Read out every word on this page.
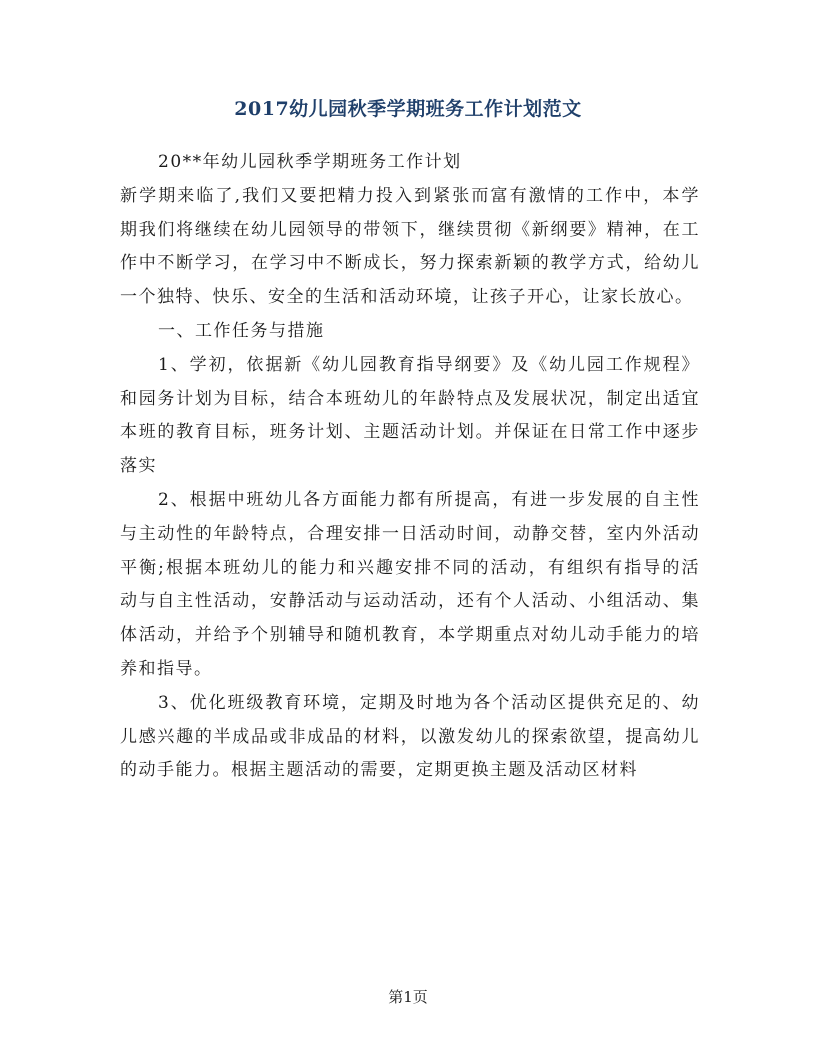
2017幼儿园秋季学期班务工作计划范文

20**年幼儿园秋季学期班务工作计划

新学期来临了,我们又要把精力投入到紧张而富有激情的工作中，本学期我们将继续在幼儿园领导的带领下，继续贯彻《新纲要》精神，在工作中不断学习，在学习中不断成长，努力探索新颖的教学方式，给幼儿一个独特、快乐、安全的生活和活动环境，让孩子开心，让家长放心。

一、工作任务与措施

1、学初，依据新《幼儿园教育指导纲要》及《幼儿园工作规程》和园务计划为目标，结合本班幼儿的年龄特点及发展状况，制定出适宜本班的教育目标，班务计划、主题活动计划。并保证在日常工作中逐步落实

2、根据中班幼儿各方面能力都有所提高，有进一步发展的自主性与主动性的年龄特点，合理安排一日活动时间，动静交替，室内外活动平衡;根据本班幼儿的能力和兴趣安排不同的活动，有组织有指导的活动与自主性活动，安静活动与运动活动，还有个人活动、小组活动、集体活动，并给予个别辅导和随机教育，本学期重点对幼儿动手能力的培养和指导。

3、优化班级教育环境，定期及时地为各个活动区提供充足的、幼儿感兴趣的半成品或非成品的材料，以激发幼儿的探索欲望，提高幼儿的动手能力。根据主题活动的需要，定期更换主题及活动区材料

第1页
